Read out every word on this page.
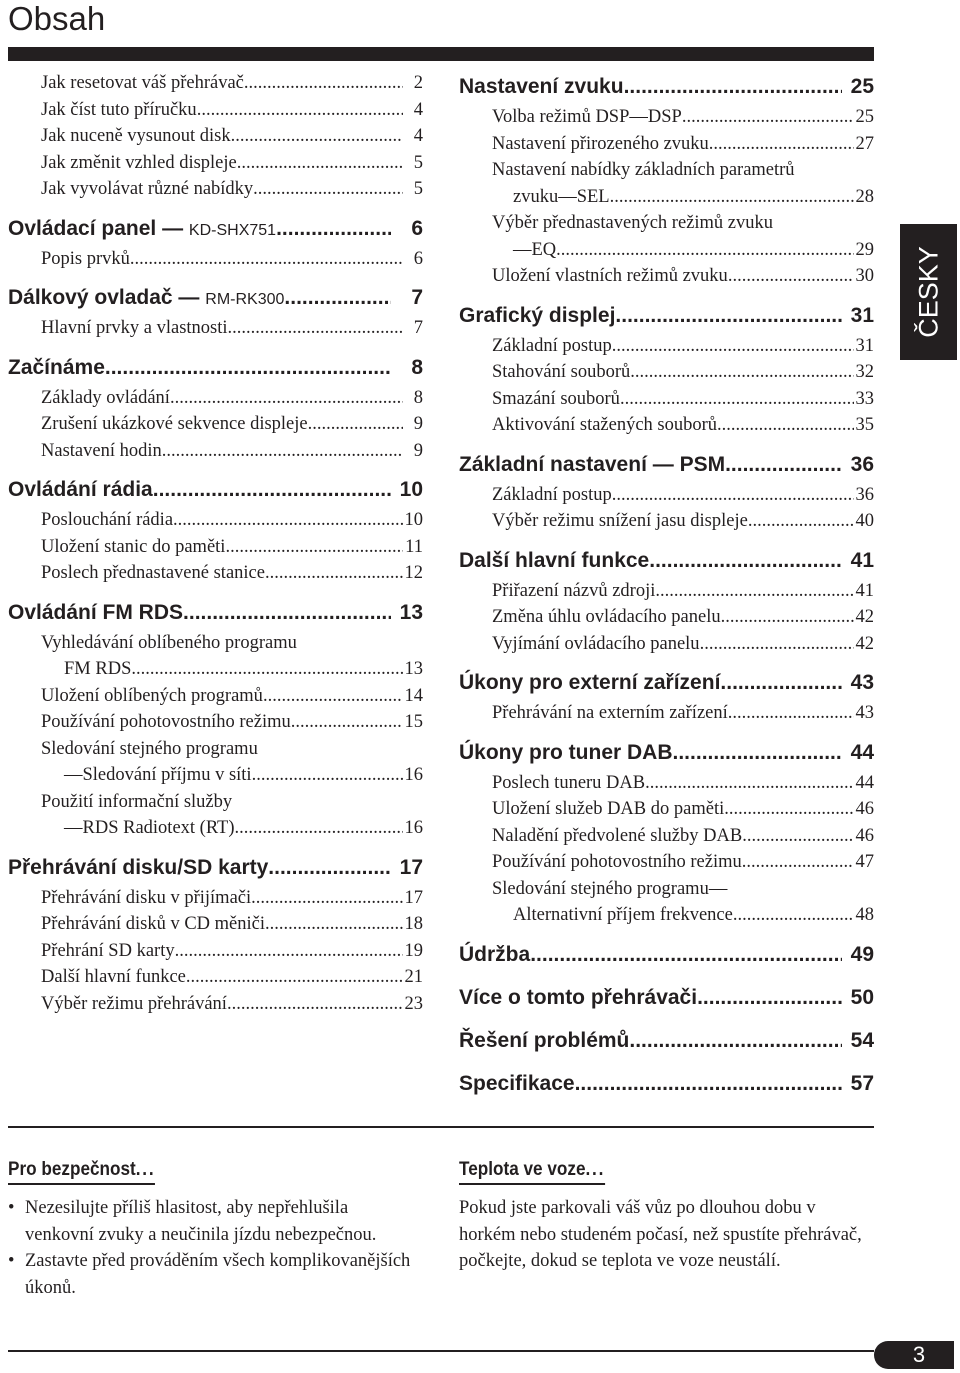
Obsah
Jak resetovat váš přehrávač .....	2
Jak číst tuto příručku .....	4
Jak nuceně vysunout disk .....	4
Jak změnit vzhled displeje .....	5
Jak vyvolávat různé nabídky .....	5
Ovládací panel — KD-SHX751 .....	6
Popis prvků .....	6
Dálkový ovladač — RM-RK300 .....	7
Hlavní prvky a vlastnosti .....	7
Začínáme .....	8
Základy ovládání .....	8
Zrušení ukázkové sekvence displeje .....	9
Nastavení hodin .....	9
Ovládání rádia .....	10
Poslouchání rádia .....	10
Uložení stanic do paměti .....	11
Poslech přednastavené stanice .....	12
Ovládání FM RDS .....	13
Vyhledávání oblíbeného programu
FM RDS .....	13
Uložení oblíbených programů .....	14
Používání pohotovostního režimu .....	15
Sledování stejného programu
—Sledování příjmu v síti .....	16
Použití informační služby
—RDS Radiotext (RT) .....	16
Přehrávání disku/SD karty .....	17
Přehrávání disku v přijímači .....	17
Přehrávání disků v CD měniči .....	18
Přehrání SD karty .....	19
Další hlavní funkce .....	21
Výběr režimu přehrávání .....	23
Nastavení zvuku .....	25
Volba režimů DSP—DSP .....	25
Nastavení přirozeného zvuku .....	27
Nastavení nabídky základních parametrů
zvuku—SEL .....	28
Výběr přednastavených režimů zvuku
—EQ .....	29
Uložení vlastních režimů zvuku .....	30
Grafický displej .....	31
Základní postup .....	31
Stahování souborů .....	32
Smazání souborů .....	33
Aktivování stažených souborů .....	35
Základní nastavení — PSM .....	36
Základní postup .....	36
Výběr režimu snížení jasu displeje .....	40
Další hlavní funkce .....	41
Přiřazení názvů zdroji .....	41
Změna úhlu ovládacího panelu .....	42
Vyjímání ovládacího panelu .....	42
Úkony pro externí zařízení .....	43
Přehrávání na externím zařízení .....	43
Úkony pro tuner DAB .....	44
Poslech tuneru DAB .....	44
Uložení služeb DAB do paměti .....	46
Naladění předvolené služby DAB .....	46
Používání pohotovostního režimu .....	47
Sledování stejného programu—
Alternativní příjem frekvence .....	48
Údržba .....	49
Více o tomto přehrávači .....	50
Řešení problémů .....	54
Specifikace .....	57
ČESKY
Pro bezpečnost...
• Nezesilujte příliš hlasitost, aby nepřehlušila venkovní zvuky a neučinila jízdu nebezpečnou.
• Zastavte před prováděním všech komplikovanějších úkonů.
Teplota ve voze...
Pokud jste parkovali váš vůz po dlouhou dobu v horkém nebo studeném počasí, než spustíte přehrávač, počkejte, dokud se teplota ve voze neustálí.
3
